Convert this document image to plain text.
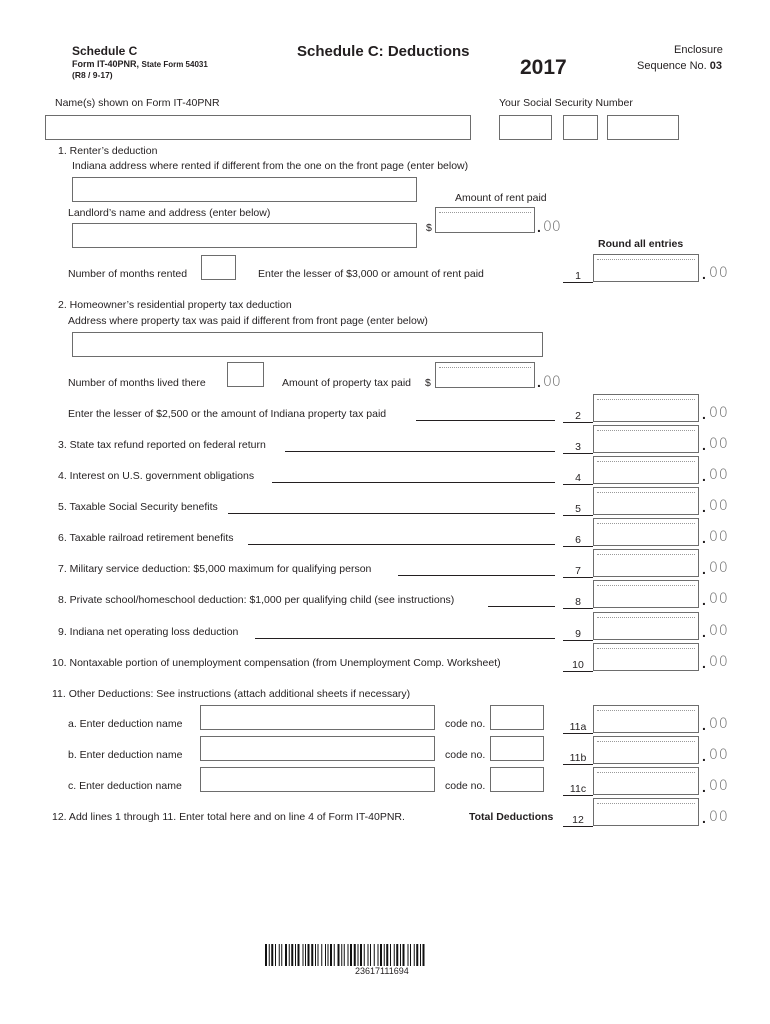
Schedule C
Form IT-40PNR, State Form 54031
(R8 / 9-17)
Schedule C: Deductions
2017
Enclosure
Sequence No. 03
Name(s) shown on Form IT-40PNR	Your Social Security Number
1. Renter’s deduction
Indiana address where rented if different from the one on the front page (enter below)
Amount of rent paid
Landlord’s name and address (enter below)
$	. 00
Round all entries
Number of months rented	Enter the lesser of $3,000 or amount of rent paid	1	. 00
2. Homeowner’s residential property tax deduction
Address where property tax was paid if different from front page (enter below)
Number of months lived there	Amount of property tax paid $	. 00
Enter the lesser of $2,500 or the amount of Indiana property tax paid	2	. 00
3. State tax refund reported on federal return	3	. 00
4. Interest on U.S. government obligations	4	. 00
5. Taxable Social Security benefits	5	. 00
6. Taxable railroad retirement benefits	6	. 00
7. Military service deduction: $5,000 maximum for qualifying person	7	. 00
8. Private school/homeschool deduction: $1,000 per qualifying child (see instructions)	8	. 00
9. Indiana net operating loss deduction	9	. 00
10. Nontaxable portion of unemployment compensation (from Unemployment Comp. Worksheet)	10	. 00
11. Other Deductions: See instructions (attach additional sheets if necessary)
a. Enter deduction name	code no.	11a	. 00
b. Enter deduction name	code no.	11b	. 00
c. Enter deduction name	code no.	11c	. 00
12. Add lines 1 through 11. Enter total here and on line 4 of Form IT-40PNR.	Total Deductions	12	. 00
23617111694
